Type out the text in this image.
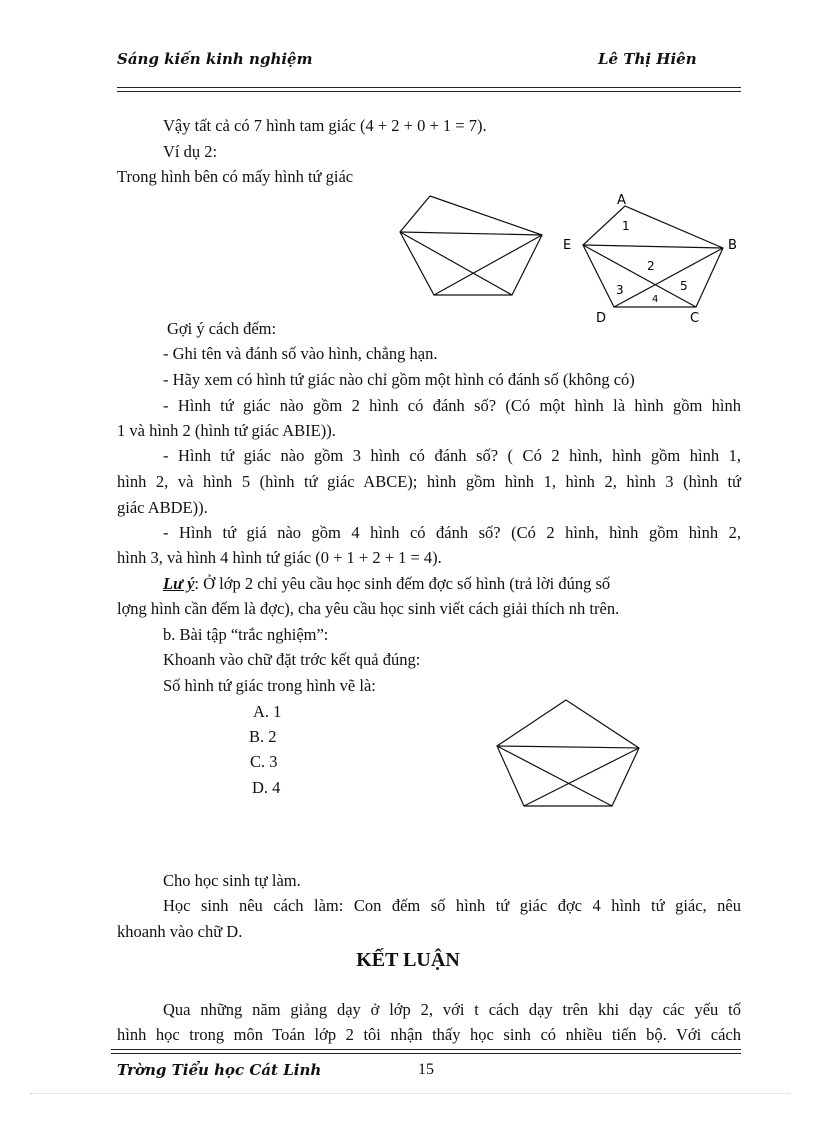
Sáng kiến kinh nghiệm	Lê Thị Hiên
Vậy tất cả có 7 hình tam giác (4 + 2 + 0 + 1 = 7).
Ví dụ 2:
Trong hình bên có mấy hình tứ giác
A
B
C
D
E
1
2
3
4
5
Gợi ý cách đếm:
- Ghi tên và đánh số vào hình, chẳng hạn.
- Hãy xem có hình tứ giác nào chỉ gồm một hình có đánh số (không có)
- Hình tứ giác nào gồm 2 hình có đánh số? (Có một hình là hình gồm hình
1 và hình 2 (hình tứ giác ABIE)).
- Hình tứ giác nào gồm 3 hình có đánh số? ( Có 2 hình, hình gồm hình 1,
hình 2, và hình 5 (hình tứ giác ABCE); hình gồm hình 1, hình 2, hình 3 (hình tứ
giác ABDE)).
- Hình tứ giá nào gồm 4 hình có đánh số? (Có 2 hình, hình gồm hình 2,
hình 3, và hình 4 hình tứ giác (0 + 1 + 2 + 1 = 4).
Lư ý: Ở lớp 2 chỉ yêu cầu học sinh đếm đợc số hình (trả lời đúng số
lợng hình cần đếm là đợc), cha yêu cầu học sinh viết cách giải thích nh trên.
b. Bài tập “trắc nghiệm”:
Khoanh vào chữ đặt trớc kết quả đúng:
Số hình tứ giác trong hình vẽ là:
A. 1
B. 2
C. 3
D. 4
Cho học sinh tự làm.
Học sinh nêu cách làm: Con đếm số hình tứ giác đợc 4 hình tứ giác, nêu
khoanh vào chữ D.
KẾT LUẬN
Qua những năm giảng dạy ở lớp 2, với t cách dạy trên khi dạy các yếu tố
hình học trong môn Toán lớp 2 tôi nhận thấy học sinh có nhiều tiến bộ. Với cách
Trờng Tiểu học Cát Linh	15
